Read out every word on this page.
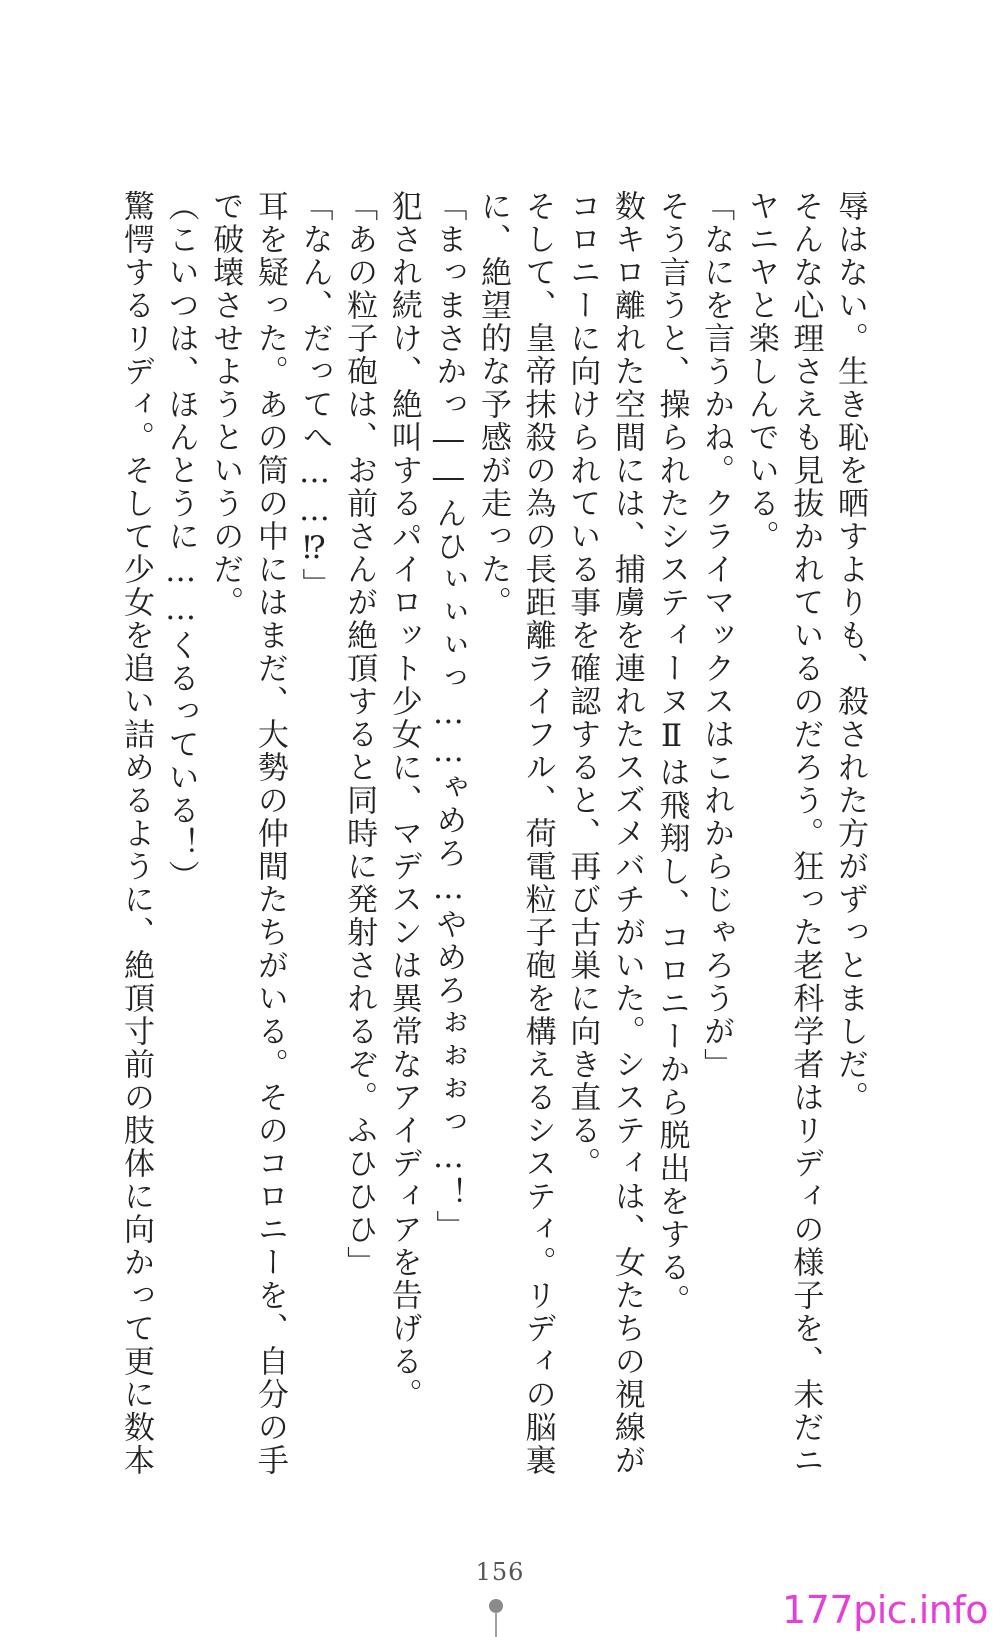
辱はない。生き恥を晒すよりも、殺された方がずっとましだ。
そんな心理さえも見抜かれているのだろう。狂った老科学者はリディの様子を、未だニ
ヤニヤと楽しんでいる。
「なにを言うかね。クライマックスはこれからじゃろうが」
そう言うと、操られたシスティーヌⅡは飛翔し、コロニーから脱出をする。
数キロ離れた空間には、捕虜を連れたスズメバチがいた。システィは、女たちの視線が
コロニーに向けられている事を確認すると、再び古巣に向き直る。
そして、皇帝抹殺の為の長距離ライフル、荷電粒子砲を構えるシスティ。リディの脳裏
に、絶望的な予感が走った。
「まっまさかっ――んひぃぃぃっ……ゃめろ…やめろぉぉぉっ…！」
犯され続け、絶叫するパイロット少女に、マデスンは異常なアイディアを告げる。
「あの粒子砲は、お前さんが絶頂すると同時に発射されるぞ。ふひひひ」
「なん、だってへ……⁉」
耳を疑った。あの筒の中にはまだ、大勢の仲間たちがいる。そのコロニーを、自分の手
で破壊させようというのだ。
（こいつは、ほんとうに……くるっている！）
驚愕するリディ。そして少女を追い詰めるように、絶頂寸前の肢体に向かって更に数本
156
177pic.info
